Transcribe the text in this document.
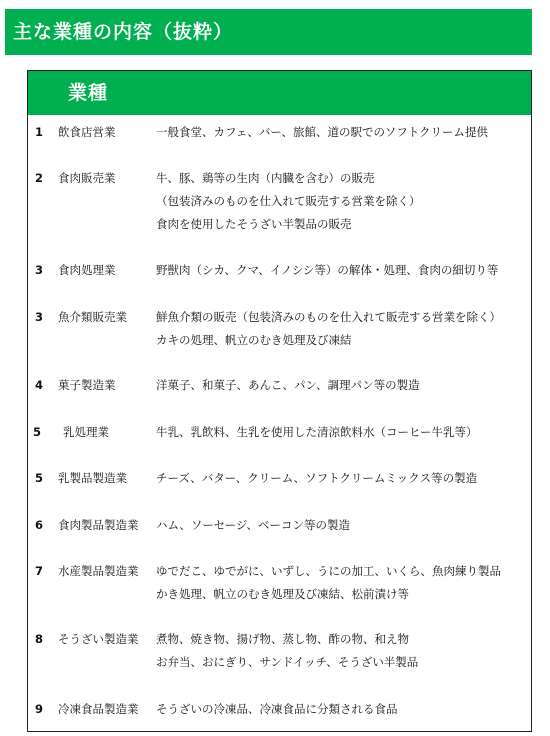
主な業種の内容（抜粋）
業種
1 飲食店営業	一般食堂、カフェ、バー、旅館、道の駅でのソフトクリーム提供
2 食肉販売業	牛、豚、鶏等の生肉（内臓を含む）の販売
（包装済みのものを仕入れて販売する営業を除く）
食肉を使用したそうざい半製品の販売
3 食肉処理業	野獣肉（シカ、クマ、イノシシ等）の解体・処理、食肉の細切り等
3 魚介類販売業	鮮魚介類の販売（包装済みのものを仕入れて販売する営業を除く）
カキの処理、帆立のむき処理及び凍結
4 菓子製造業	洋菓子、和菓子、あんこ、パン、調理パン等の製造
5 乳処理業	牛乳、乳飲料、生乳を使用した清涼飲料水（コーヒー牛乳等）
5 乳製品製造業	チーズ、バター、クリーム、ソフトクリームミックス等の製造
6 食肉製品製造業 ハム、ソーセージ、ベーコン等の製造
7 水産製品製造業 ゆでだこ、ゆでがに、いずし、うにの加工、いくら、魚肉練り製品
かき処理、帆立のむき処理及び凍結、松前漬け等
8 そうざい製造業 煮物、焼き物、揚げ物、蒸し物、酢の物、和え物
お弁当、おにぎり、サンドイッチ、そうざい半製品
9 冷凍食品製造業 そうざいの冷凍品、冷凍食品に分類される食品
